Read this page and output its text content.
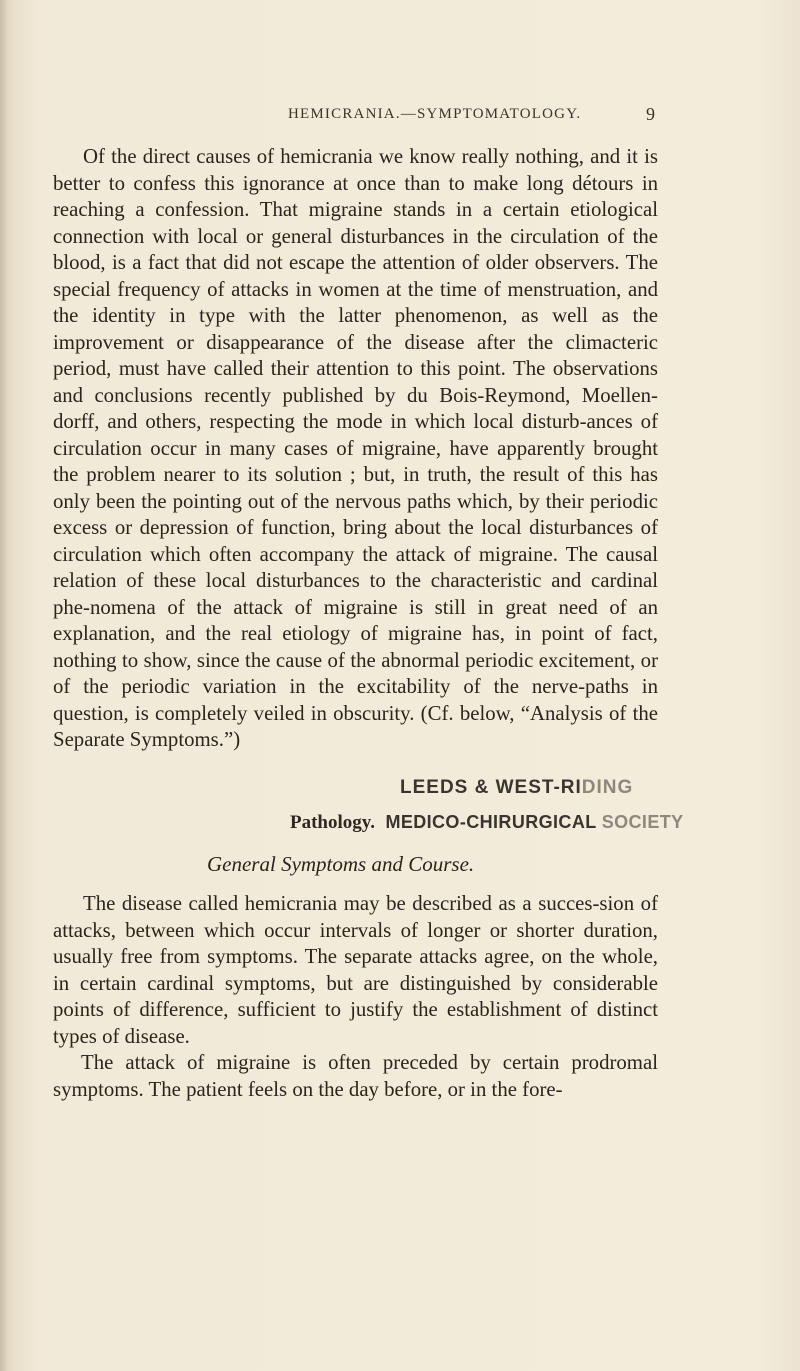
HEMICRANIA.—SYMPTOMATOLOGY.	9

Of the direct causes of hemicrania we know really nothing, and it is better to confess this ignorance at once than to make long détours in reaching a confession. That migraine stands in a certain etiological connection with local or general disturbances in the circulation of the blood, is a fact that did not escape the attention of older observers. The special frequency of attacks in women at the time of menstruation, and the identity in type with the latter phenomenon, as well as the improvement or disappearance of the disease after the climacteric period, must have called their attention to this point. The observations and conclusions recently published by du Bois-Reymond, Moellen-dorff, and others, respecting the mode in which local disturb-ances of circulation occur in many cases of migraine, have apparently brought the problem nearer to its solution ; but, in truth, the result of this has only been the pointing out of the nervous paths which, by their periodic excess or depression of function, bring about the local disturbances of circulation which often accompany the attack of migraine. The causal relation of these local disturbances to the characteristic and cardinal phe-nomena of the attack of migraine is still in great need of an explanation, and the real etiology of migraine has, in point of fact, nothing to show, since the cause of the abnormal periodic excitement, or of the periodic variation in the excitability of the nerve-paths in question, is completely veiled in obscurity. (Cf. below, “Analysis of the Separate Symptoms.”)

LEEDS & WEST-RIDING
Pathology. MEDICO-CHIRURGICAL SOCIETY
General Symptoms and Course.

The disease called hemicrania may be described as a succes-sion of attacks, between which occur intervals of longer or shorter duration, usually free from symptoms. The separate attacks agree, on the whole, in certain cardinal symptoms, but are distinguished by considerable points of difference, sufficient to justify the establishment of distinct types of disease.

The attack of migraine is often preceded by certain prodromal symptoms. The patient feels on the day before, or in the fore-
